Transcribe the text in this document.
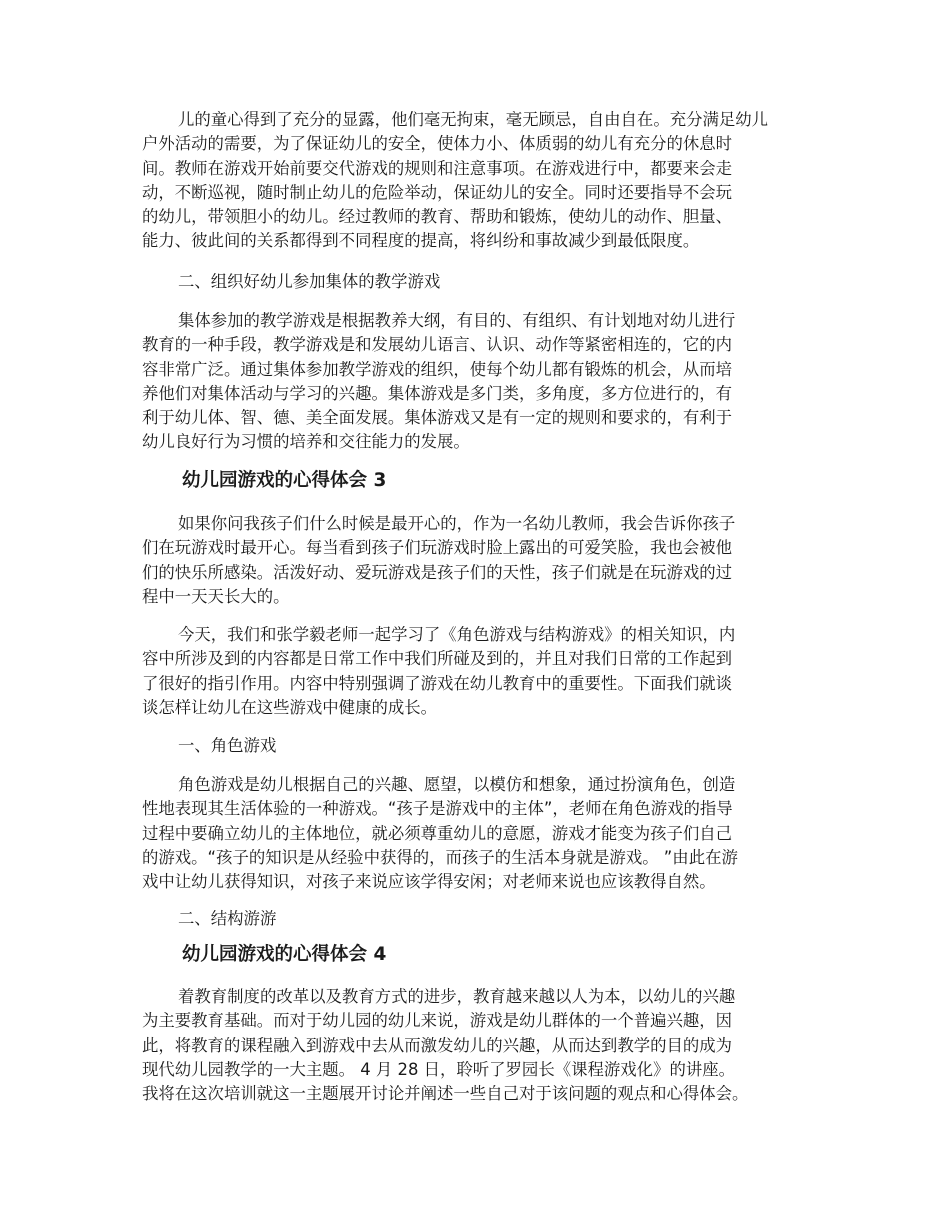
儿的童心得到了充分的显露，他们毫无拘束，毫无顾忌，自由自在。充分满足幼儿
户外活动的需要，为了保证幼儿的安全，使体力小、体质弱的幼儿有充分的休息时
间。教师在游戏开始前要交代游戏的规则和注意事项。在游戏进行中，都要来会走
动，不断巡视，随时制止幼儿的危险举动，保证幼儿的安全。同时还要指导不会玩
的幼儿，带领胆小的幼儿。经过教师的教育、帮助和锻炼，使幼儿的动作、胆量、
能力、彼此间的关系都得到不同程度的提高，将纠纷和事故减少到最低限度。

二、组织好幼儿参加集体的教学游戏

集体参加的教学游戏是根据教养大纲，有目的、有组织、有计划地对幼儿进行
教育的一种手段，教学游戏是和发展幼儿语言、认识、动作等紧密相连的，它的内
容非常广泛。通过集体参加教学游戏的组织，使每个幼儿都有锻炼的机会，从而培
养他们对集体活动与学习的兴趣。集体游戏是多门类，多角度，多方位进行的，有
利于幼儿体、智、德、美全面发展。集体游戏又是有一定的规则和要求的，有利于
幼儿良好行为习惯的培养和交往能力的发展。

幼儿园游戏的心得体会 3

如果你问我孩子们什么时候是最开心的，作为一名幼儿教师，我会告诉你孩子
们在玩游戏时最开心。每当看到孩子们玩游戏时脸上露出的可爱笑脸，我也会被他
们的快乐所感染。活泼好动、爱玩游戏是孩子们的天性，孩子们就是在玩游戏的过
程中一天天长大的。

今天，我们和张学毅老师一起学习了《角色游戏与结构游戏》的相关知识，内
容中所涉及到的内容都是日常工作中我们所碰及到的，并且对我们日常的工作起到
了很好的指引作用。内容中特别强调了游戏在幼儿教育中的重要性。下面我们就谈
谈怎样让幼儿在这些游戏中健康的成长。

一、角色游戏

角色游戏是幼儿根据自己的兴趣、愿望，以模仿和想象，通过扮演角色，创造
性地表现其生活体验的一种游戏。“孩子是游戏中的主体”，老师在角色游戏的指导
过程中要确立幼儿的主体地位，就必须尊重幼儿的意愿，游戏才能变为孩子们自己
的游戏。“孩子的知识是从经验中获得的，而孩子的生活本身就是游戏。 ”由此在游
戏中让幼儿获得知识，对孩子来说应该学得安闲；对老师来说也应该教得自然。

二、结构游游

幼儿园游戏的心得体会 4

着教育制度的改革以及教育方式的进步，教育越来越以人为本，以幼儿的兴趣
为主要教育基础。而对于幼儿园的幼儿来说，游戏是幼儿群体的一个普遍兴趣，因
此，将教育的课程融入到游戏中去从而激发幼儿的兴趣，从而达到教学的目的成为
现代幼儿园教学的一大主题。 4 月 28 日，聆听了罗园长《课程游戏化》的讲座。
我将在这次培训就这一主题展开讨论并阐述一些自己对于该问题的观点和心得体会。
